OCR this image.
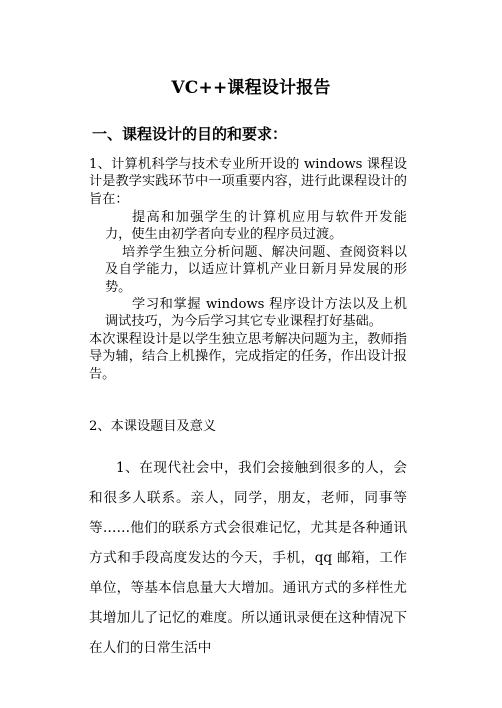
VC++课程设计报告
一、课程设计的目的和要求：
1、计算机科学与技术专业所开设的 windows 课程设计是教学实践环节中一项重要内容，进行此课程设计的旨在：
提高和加强学生的计算机应用与软件开发能力，使生由初学者向专业的程序员过渡。
培养学生独立分析问题、解决问题、查阅资料以及自学能力，以适应计算机产业日新月异发展的形势。
学习和掌握 windows 程序设计方法以及上机调试技巧，为今后学习其它专业课程打好基础。
本次课程设计是以学生独立思考解决问题为主，教师指导为辅，结合上机操作，完成指定的任务，作出设计报告。
2、本课设题目及意义
1、在现代社会中，我们会接触到很多的人，会和很多人联系。亲人，同学，朋友，老师，同事等等……他们的联系方式会很难记忆，尤其是各种通讯方式和手段高度发达的今天，手机，qq 邮箱，工作单位，等基本信息量大大增加。通讯方式的多样性尤其增加儿了记忆的难度。所以通讯录便在这种情况下在人们的日常生活中
